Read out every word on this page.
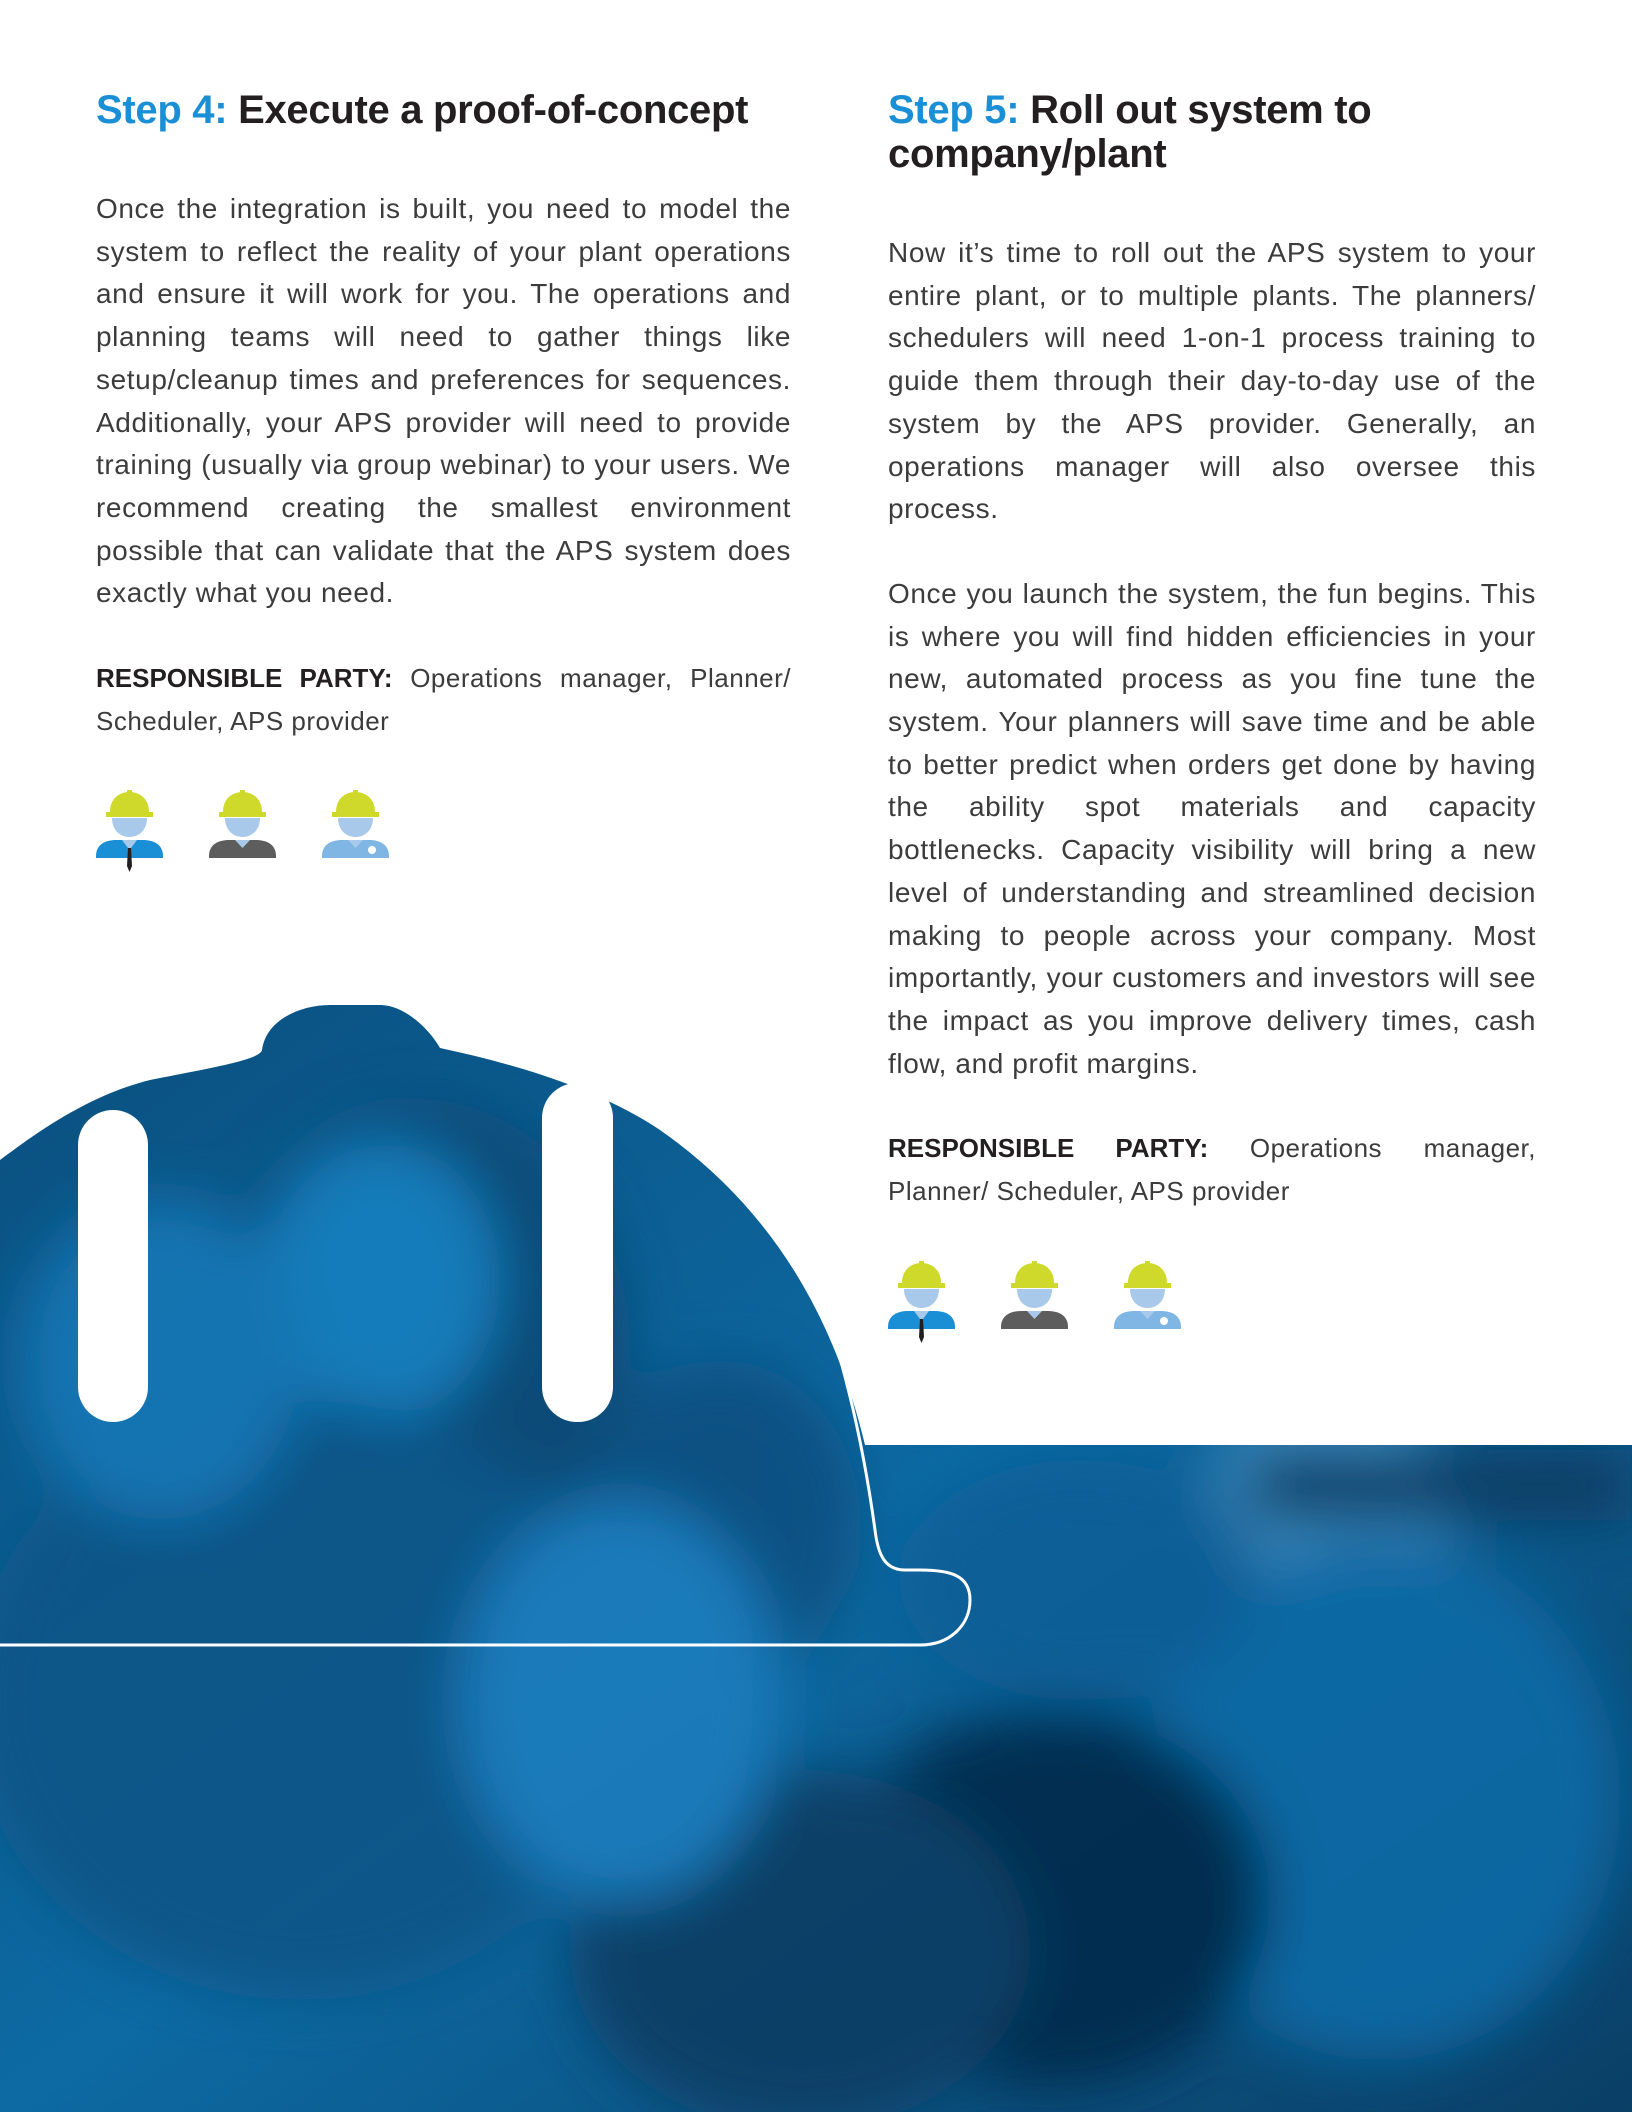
Step 4: Execute a proof-of-concept

Once the integration is built, you need to model the system to reflect the reality of your plant operations and ensure it will work for you. The operations and planning teams will need to gather things like setup/cleanup times and preferences for sequences. Additionally, your APS provider will need to provide training (usually via group webinar) to your users. We recommend creating the smallest environment possible that can validate that the APS system does exactly what you need.

RESPONSIBLE PARTY: Operations manager, Planner/ Scheduler, APS provider

Step 5: Roll out system to company/plant

Now it’s time to roll out the APS system to your entire plant, or to multiple plants. The planners/ schedulers will need 1-on-1 process training to guide them through their day-to-day use of the system by the APS provider. Generally, an operations manager will also oversee this process.

Once you launch the system, the fun begins. This is where you will find hidden efficiencies in your new, automated process as you fine tune the system. Your planners will save time and be able to better predict when orders get done by having the ability spot materials and capacity bottlenecks. Capacity visibility will bring a new level of understanding and streamlined decision making to people across your company. Most importantly, your customers and investors will see the impact as you improve delivery times, cash flow, and profit margins.

RESPONSIBLE PARTY: Operations manager, Planner/ Scheduler, APS provider
